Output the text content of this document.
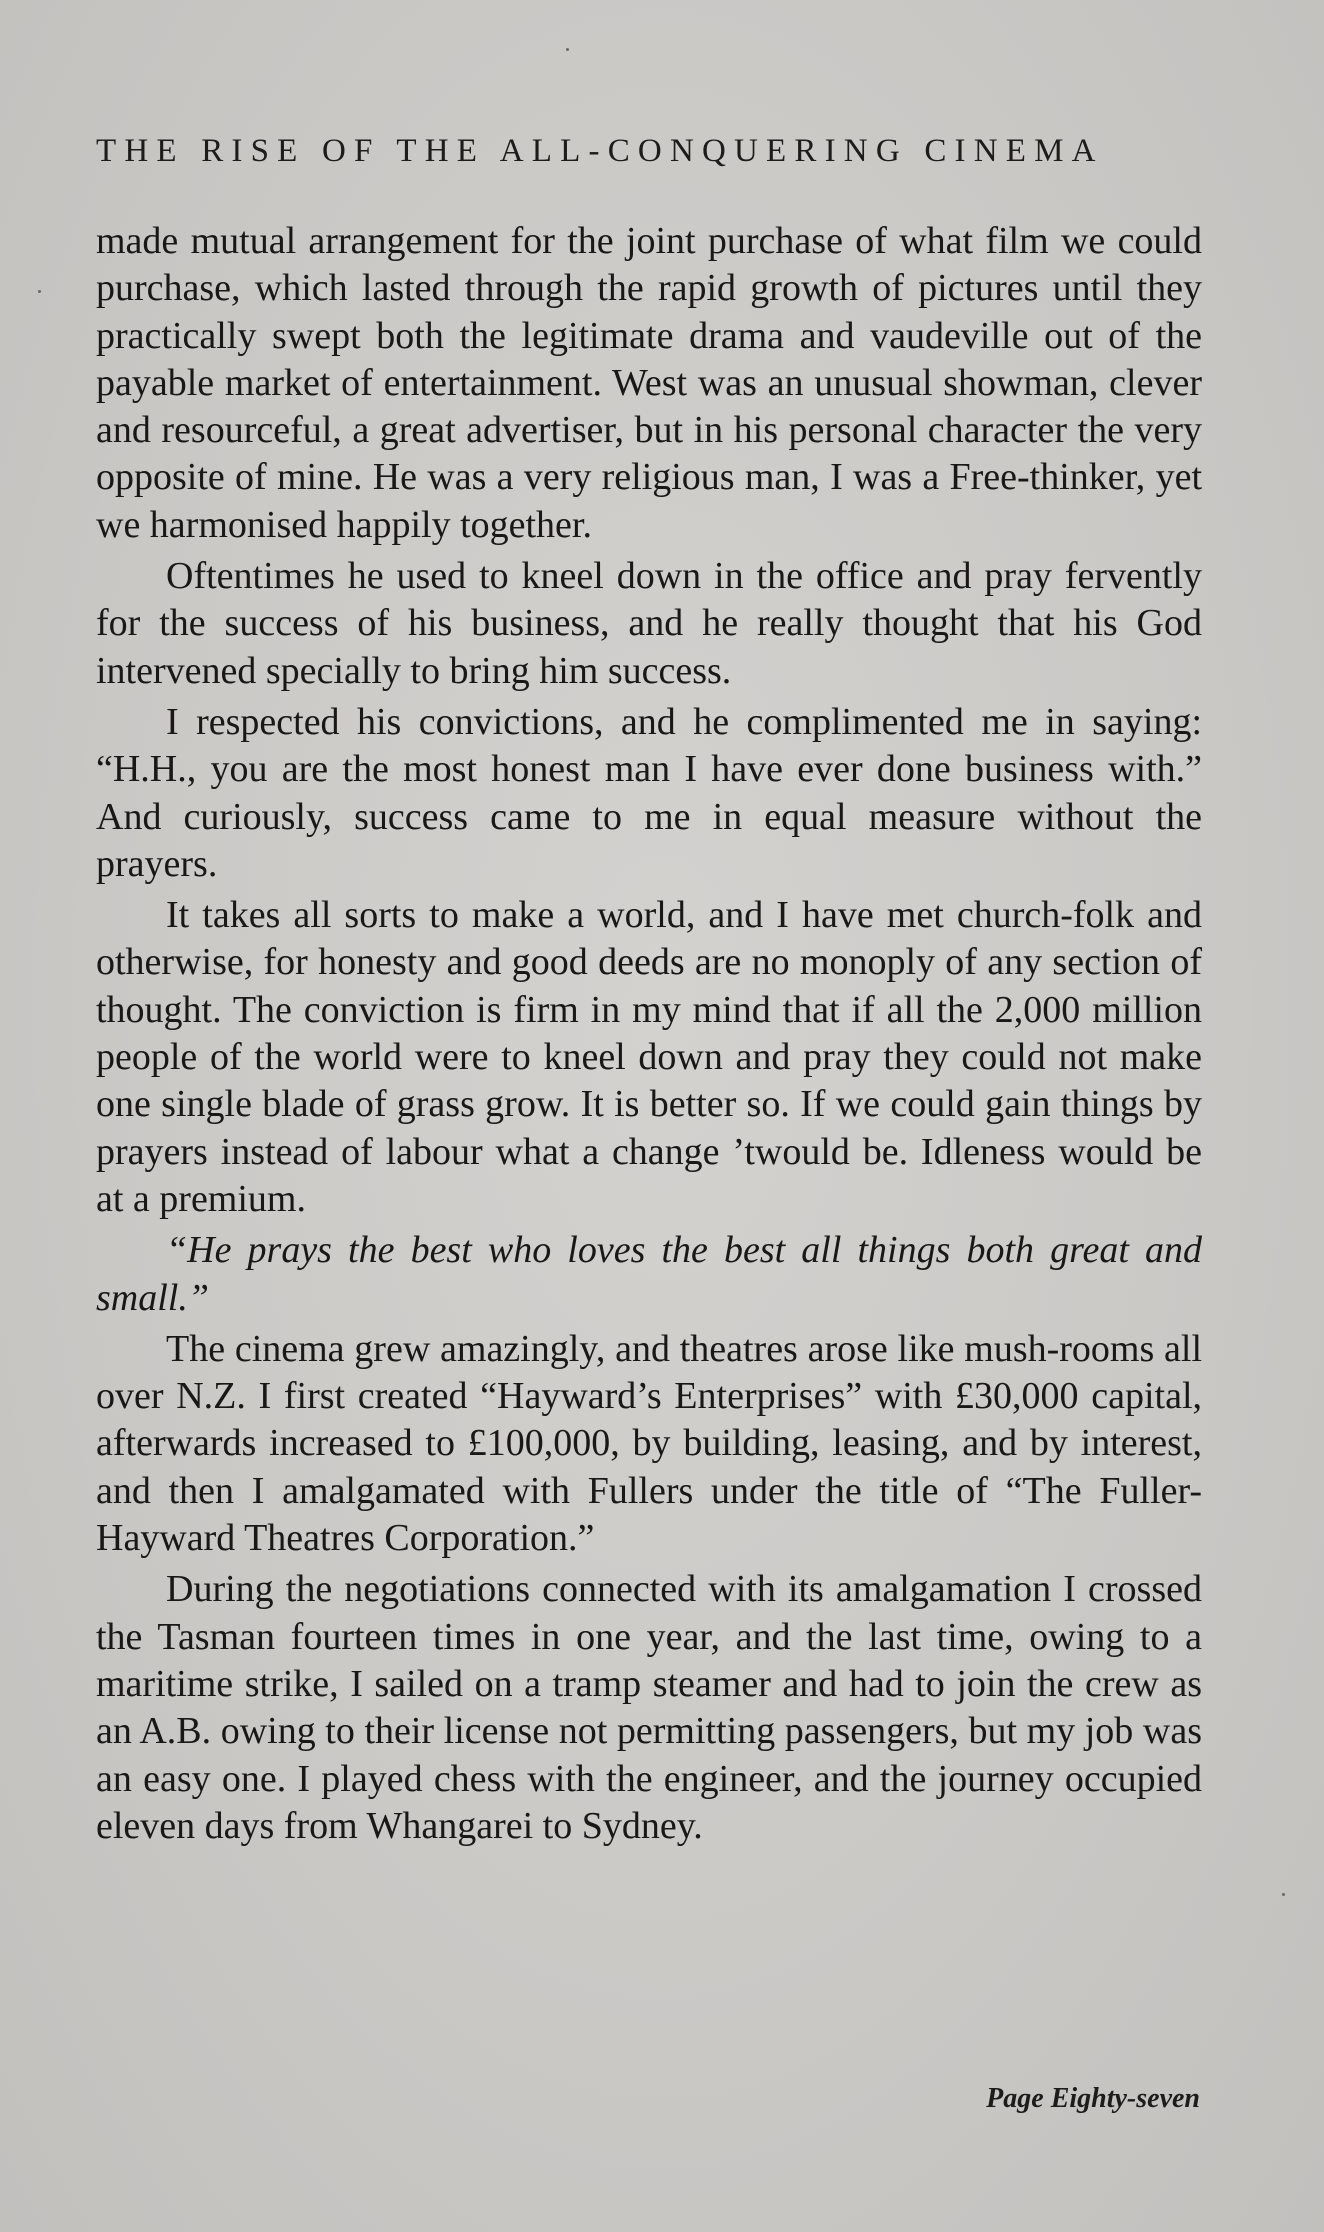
THE RISE OF THE ALL-CONQUERING CINEMA

made mutual arrangement for the joint purchase of what film we could purchase, which lasted through the rapid growth of pictures until they practically swept both the legitimate drama and vaudeville out of the payable market of entertainment. West was an unusual showman, clever and resourceful, a great advertiser, but in his personal character the very opposite of mine. He was a very religious man, I was a Free-thinker, yet we harmonised happily together.

Oftentimes he used to kneel down in the office and pray fervently for the success of his business, and he really thought that his God intervened specially to bring him success.

I respected his convictions, and he complimented me in saying: “H.H., you are the most honest man I have ever done business with.” And curiously, success came to me in equal measure without the prayers.

It takes all sorts to make a world, and I have met church-folk and otherwise, for honesty and good deeds are no monoply of any section of thought. The conviction is firm in my mind that if all the 2,000 million people of the world were to kneel down and pray they could not make one single blade of grass grow. It is better so. If we could gain things by prayers instead of labour what a change ’twould be. Idleness would be at a premium.

“He prays the best who loves the best all things both great and small.”

The cinema grew amazingly, and theatres arose like mush-rooms all over N.Z. I first created “Hayward’s Enterprises” with £30,000 capital, afterwards increased to £100,000, by building, leasing, and by interest, and then I amalgamated with Fullers under the title of “The Fuller-Hayward Theatres Corporation.”

During the negotiations connected with its amalgamation I crossed the Tasman fourteen times in one year, and the last time, owing to a maritime strike, I sailed on a tramp steamer and had to join the crew as an A.B. owing to their license not permitting passengers, but my job was an easy one. I played chess with the engineer, and the journey occupied eleven days from Whangarei to Sydney.

Page Eighty-seven
